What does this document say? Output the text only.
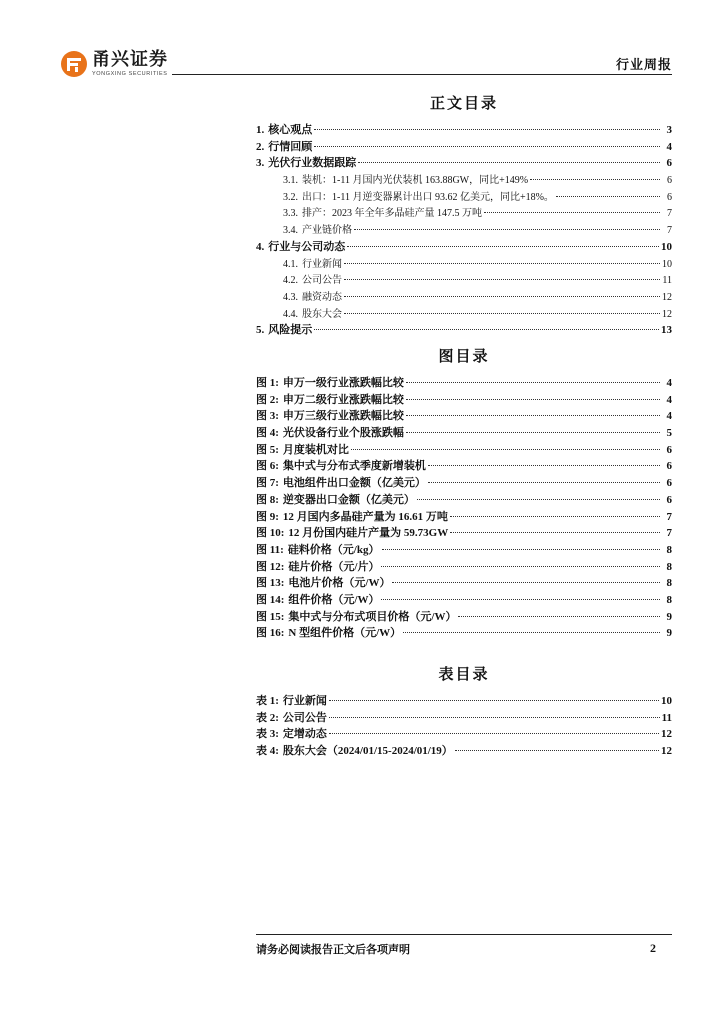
甬兴证券
YONGXING SECURITIES
行业周报
正文目录
1. 核心观点	3
2. 行情回顾	4
3. 光伏行业数据跟踪	6
3.1. 装机：1-11 月国内光伏装机 163.88GW，同比+149%	6
3.2. 出口：1-11 月逆变器累计出口 93.62 亿美元，同比+18%。	6
3.3. 排产：2023 年全年多晶硅产量 147.5 万吨	7
3.4. 产业链价格	7
4. 行业与公司动态	10
4.1. 行业新闻	10
4.2. 公司公告	11
4.3. 融资动态	12
4.4. 股东大会	12
5. 风险提示	13
图目录
图 1: 申万一级行业涨跌幅比较	4
图 2: 申万二级行业涨跌幅比较	4
图 3: 申万三级行业涨跌幅比较	4
图 4: 光伏设备行业个股涨跌幅	5
图 5: 月度装机对比	6
图 6: 集中式与分布式季度新增装机	6
图 7: 电池组件出口金额（亿美元）	6
图 8: 逆变器出口金额（亿美元）	6
图 9: 12 月国内多晶硅产量为 16.61 万吨	7
图 10: 12 月份国内硅片产量为 59.73GW	7
图 11: 硅料价格（元/kg）	8
图 12: 硅片价格（元/片）	8
图 13: 电池片价格（元/W）	8
图 14: 组件价格（元/W）	8
图 15: 集中式与分布式项目价格（元/W）	9
图 16: N 型组件价格（元/W）	9
表目录
表 1: 行业新闻	10
表 2: 公司公告	11
表 3: 定增动态	12
表 4: 股东大会（2024/01/15-2024/01/19）	12
请务必阅读报告正文后各项声明	2
